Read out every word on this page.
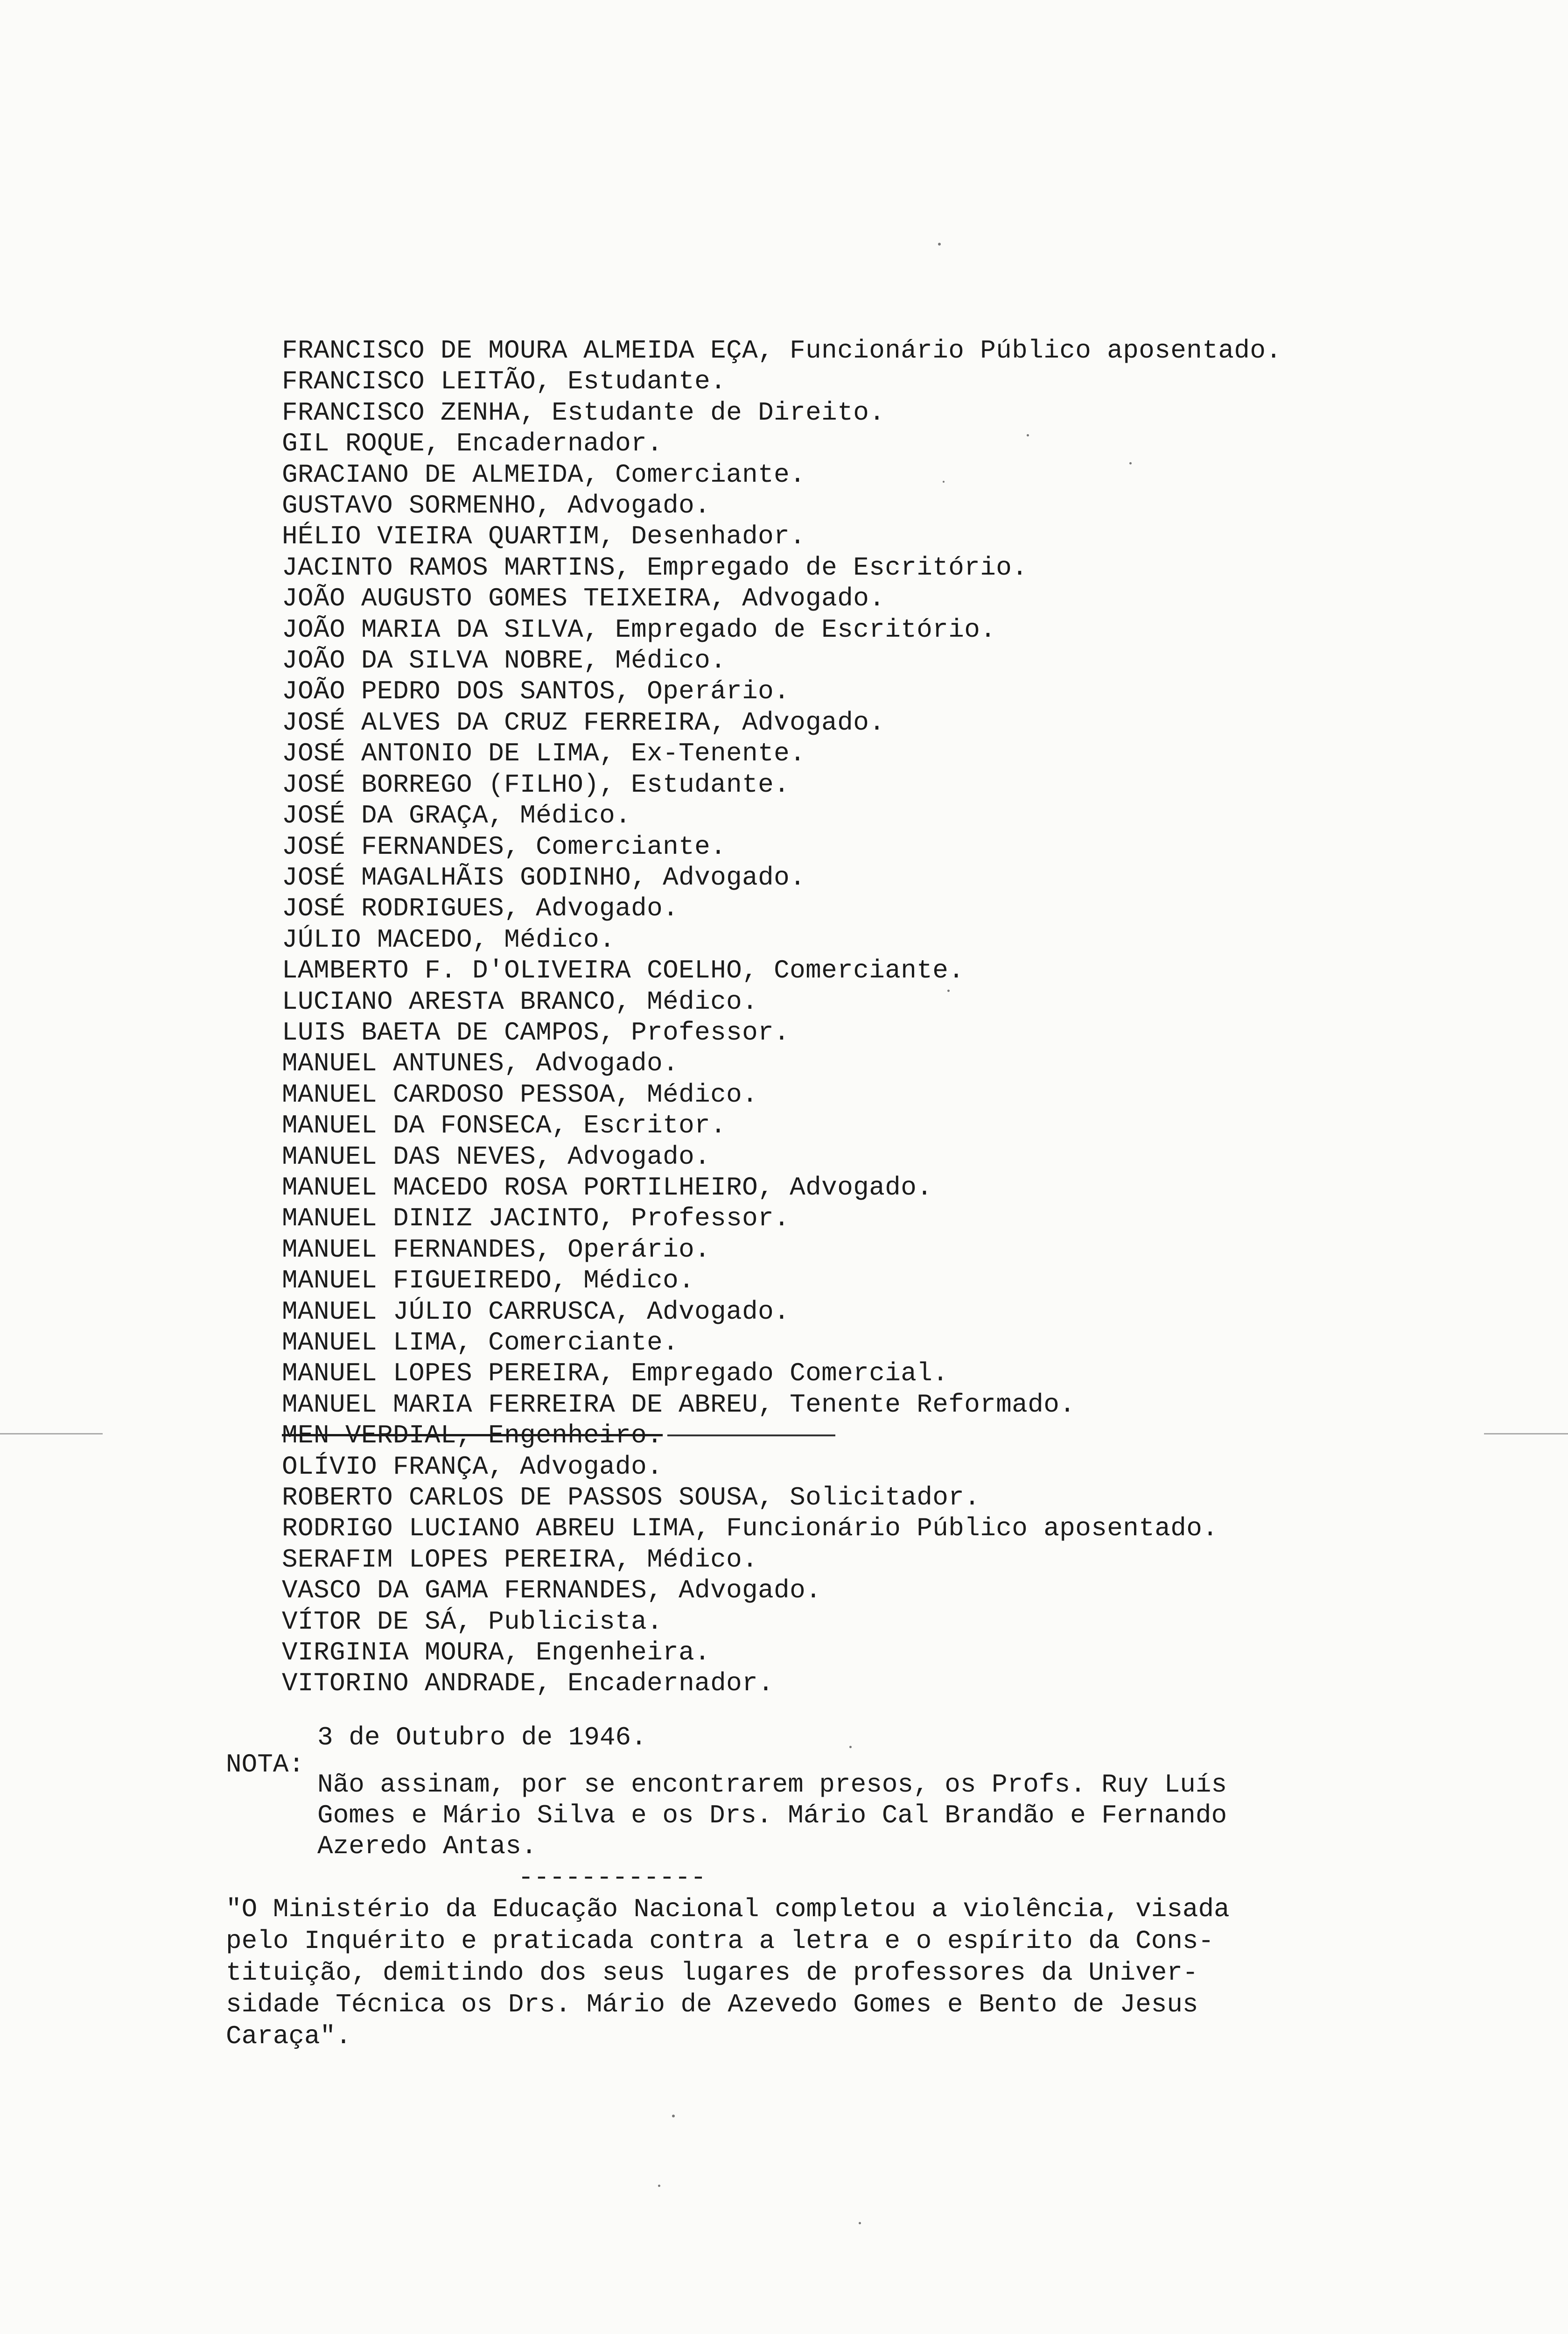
FRANCISCO DE MOURA ALMEIDA EÇA, Funcionário Público aposentado.
FRANCISCO LEITÃO, Estudante.
FRANCISCO ZENHA, Estudante de Direito.
GIL ROQUE, Encadernador.
GRACIANO DE ALMEIDA, Comerciante.
GUSTAVO SORMENHO, Advogado.
HÉLIO VIEIRA QUARTIM, Desenhador.
JACINTO RAMOS MARTINS, Empregado de Escritório.
JOÃO AUGUSTO GOMES TEIXEIRA, Advogado.
JOÃO MARIA DA SILVA, Empregado de Escritório.
JOÃO DA SILVA NOBRE, Médico.
JOÃO PEDRO DOS SANTOS, Operário.
JOSÉ ALVES DA CRUZ FERREIRA, Advogado.
JOSÉ ANTONIO DE LIMA, Ex-Tenente.
JOSÉ BORREGO (FILHO), Estudante.
JOSÉ DA GRAÇA, Médico.
JOSÉ FERNANDES, Comerciante.
JOSÉ MAGALHÃIS GODINHO, Advogado.
JOSÉ RODRIGUES, Advogado.
JÚLIO MACEDO, Médico.
LAMBERTO F. D'OLIVEIRA COELHO, Comerciante.
LUCIANO ARESTA BRANCO, Médico.
LUIS BAETA DE CAMPOS, Professor.
MANUEL ANTUNES, Advogado.
MANUEL CARDOSO PESSOA, Médico.
MANUEL DA FONSECA, Escritor.
MANUEL DAS NEVES, Advogado.
MANUEL MACEDO ROSA PORTILHEIRO, Advogado.
MANUEL DINIZ JACINTO, Professor.
MANUEL FERNANDES, Operário.
MANUEL FIGUEIREDO, Médico.
MANUEL JÚLIO CARRUSCA, Advogado.
MANUEL LIMA, Comerciante.
MANUEL LOPES PEREIRA, Empregado Comercial.
MANUEL MARIA FERREIRA DE ABREU, Tenente Reformado.
MEN VERDIAL, Engenheiro.
OLÍVIO FRANÇA, Advogado.
ROBERTO CARLOS DE PASSOS SOUSA, Solicitador.
RODRIGO LUCIANO ABREU LIMA, Funcionário Público aposentado.
SERAFIM LOPES PEREIRA, Médico.
VASCO DA GAMA FERNANDES, Advogado.
VÍTOR DE SÁ, Publicista.
VIRGINIA MOURA, Engenheira.
VITORINO ANDRADE, Encadernador.
3 de Outubro de 1946.
NOTA:

Não assinam, por se encontrarem presos, os Profs. Ruy Luís
Gomes e Mário Silva e os Drs. Mário Cal Brandão e Fernando
Azeredo Antas.

------------

"O Ministério da Educação Nacional completou a violência, visada
pelo Inquérito e praticada contra a letra e o espírito da Cons-
tituição, demitindo dos seus lugares de professores da Univer-
sidade Técnica os Drs. Mário de Azevedo Gomes e Bento de Jesus
Caraça".
